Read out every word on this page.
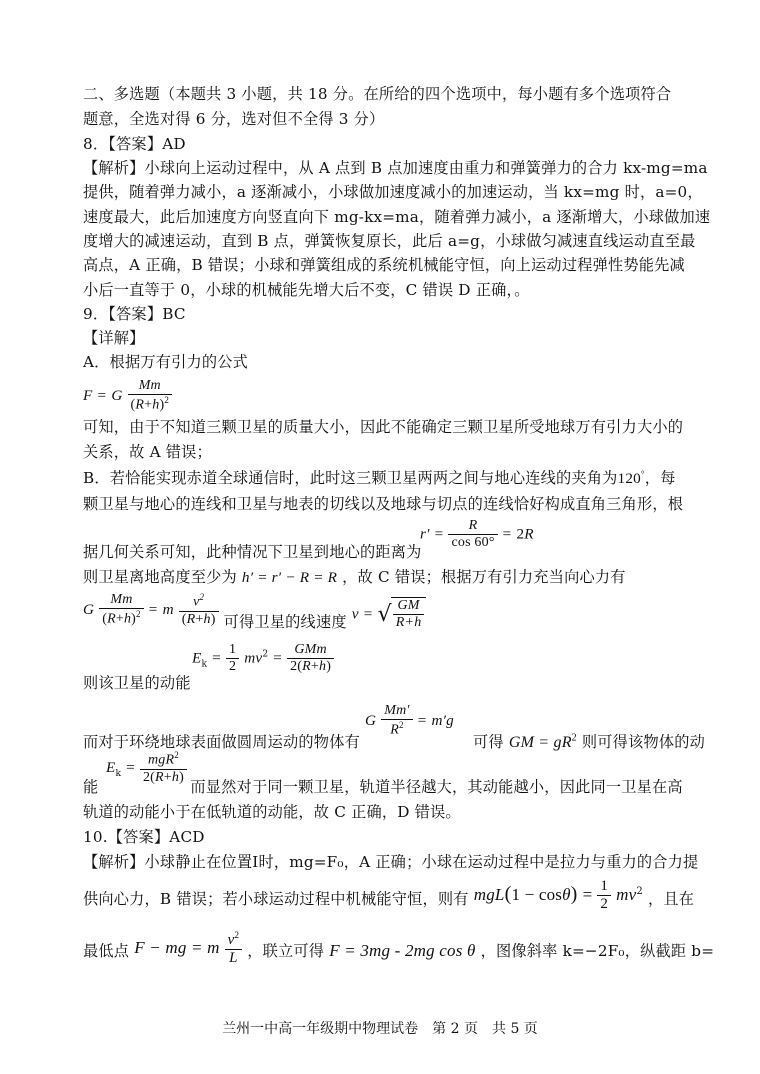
二、多选题（本题共 3 小题，共 18 分。在所给的四个选项中，每小题有多个选项符合
题意，全选对得 6 分，选对但不全得 3 分）
8．【答案】AD
【解析】小球向上运动过程中，从 A 点到 B 点加速度由重力和弹簧弹力的合力 kx-mg=ma
提供，随着弹力减小，a 逐渐减小，小球做加速度减小的加速运动，当 kx=mg 时，a=0，
速度最大，此后加速度方向竖直向下 mg-kx=ma，随着弹力减小，a 逐渐增大，小球做加速
度增大的减速运动，直到 B 点，弹簧恢复原长，此后 a=g，小球做匀减速直线运动直至最
高点，A 正确，B 错误；小球和弹簧组成的系统机械能守恒，向上运动过程弹性势能先减
小后一直等于 0，小球的机械能先增大后不变，C 错误 D 正确，。
9．【答案】BC
【详解】
A．根据万有引力的公式
F = G $\frac{Mm}{(R+h)^2}$
可知，由于不知道三颗卫星的质量大小，因此不能确定三颗卫星所受地球万有引力大小的
关系，故 A 错误；
B．若恰能实现赤道全球通信时，此时这三颗卫星两两之间与地心连线的夹角为120°，每
颗卫星与地心的连线和卫星与地表的切线以及地球与切点的连线恰好构成直角三角形，根
$r' = \frac{R}{\cos 60^\circ} = 2R$
据几何关系可知，此种情况下卫星到地心的距离为
则卫星离地高度至少为 h′ = r′ − R = R ，故 C 错误；根据万有引力充当向心力有
G $\frac{Mm}{(R+h)^2} = m \frac{v^2}{(R+h)}$ 可得卫星的线速度 v = √ $\frac{GM}{R+h}$
$E_k = \frac{1}{2} mv^2 = \frac{\text{GMm}}{2(R+h)}$
则该卫星的动能
而对于环绕地球表面做圆周运动的物体有 G $\frac{Mm'}{R^2} = m'g$ 可得 GM = $gR^2$ 则可得该物体的动
$E_k = \frac{mgR^2}{2(R+h)}$
能	而显然对于同一颗卫星，轨道半径越大，其动能越小，因此同一卫星在高
轨道的动能小于在低轨道的动能，故 C 正确，D 错误。
10.【答案】ACD
【解析】小球静止在位置Ⅰ时，mg=F₀，A 正确；小球在运动过程中是拉力与重力的合力提
供向心力，B 错误；若小球运动过程中机械能守恒，则有 $mgL(1 - \cos\theta) = \frac{1}{2} mv^2$ ，且在
最低点 F − mg = m $\frac{v^2}{L}$ ，联立可得 F = 3mg - 2mg cos θ ，图像斜率 k=−2F₀，纵截距 b=
兰州一中高一年级期中物理试卷　第 2 页　共 5 页
